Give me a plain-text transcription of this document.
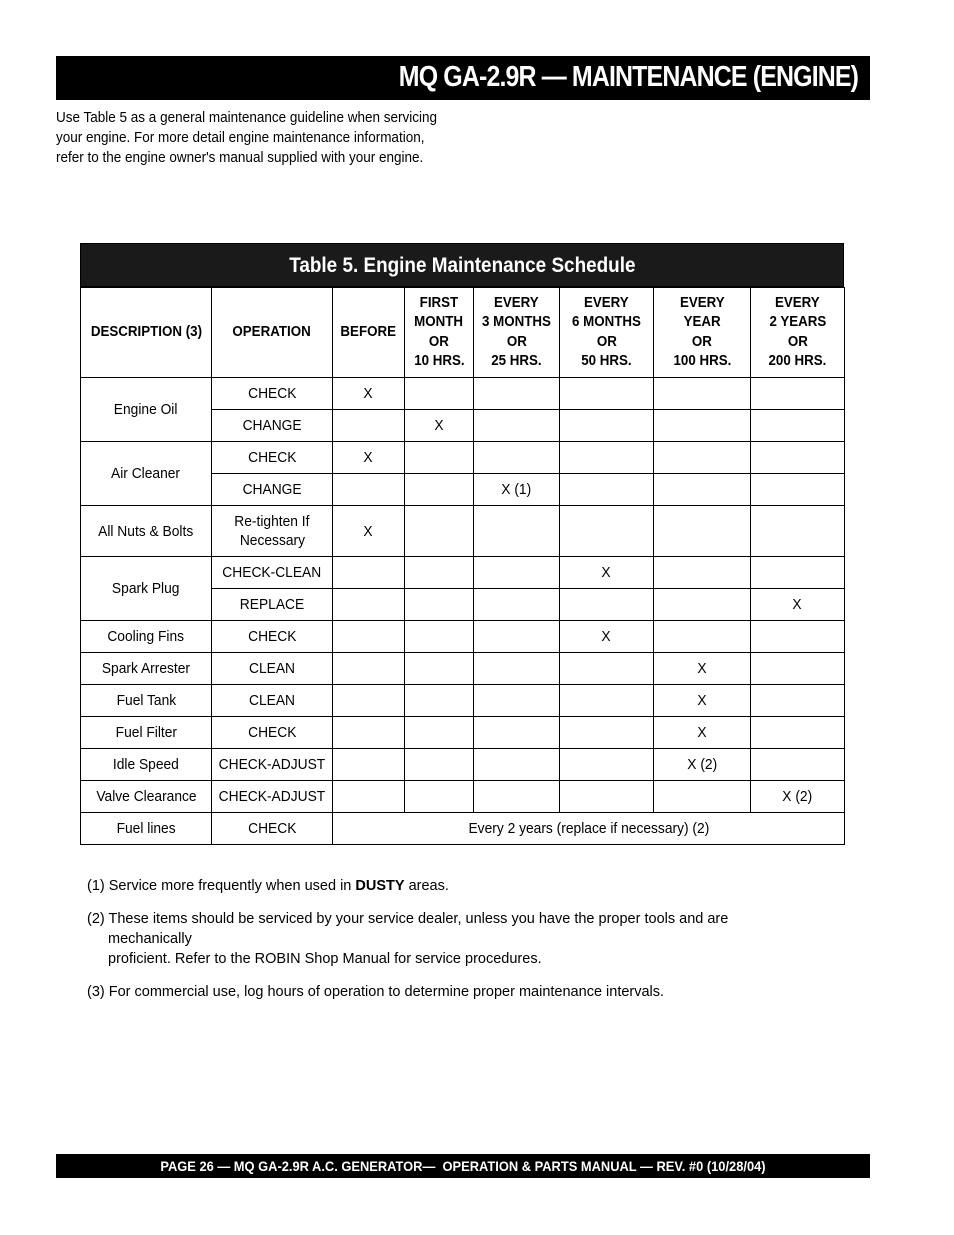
MQ GA-2.9R — MAINTENANCE (ENGINE)

Use Table 5 as a general maintenance guideline when servicing

your engine. For more detail engine maintenance information,

refer to the engine owner's manual supplied with your engine.

Table 5. Engine Maintenance Schedule
DESCRIPTION (3)	OPERATION	BEFORE	FIRST
MONTH
OR
10 HRS.	EVERY
3 MONTHS
OR
25 HRS.	EVERY
6 MONTHS
OR
50 HRS.	EVERY
YEAR
OR
100 HRS.	EVERY
2 YEARS
OR
200 HRS.
Engine Oil	CHECK	X					
	CHANGE		X				
Air Cleaner	CHECK	X					
	CHANGE			X (1)			
All Nuts & Bolts	Re-tighten If
Necessary	X					
Spark Plug	CHECK-CLEAN				X		
	REPLACE						X
Cooling Fins	CHECK				X		
Spark Arrester	CLEAN					X	
Fuel Tank	CLEAN					X	
Fuel Filter	CHECK					X	
Idle Speed	CHECK-ADJUST					X (2)	
Valve Clearance	CHECK-ADJUST						X (2)
Fuel lines	CHECK	Every 2 years (replace if necessary) (2)					

(1) Service more frequently when used in DUSTY areas.

(2) These items should be serviced by your service dealer, unless you have the proper tools and are mechanically
proficient. Refer to the ROBIN Shop Manual for service procedures.

(3) For commercial use, log hours of operation to determine proper maintenance intervals.

PAGE 26 — MQ GA-2.9R A.C. GENERATOR—  OPERATION & PARTS MANUAL — REV. #0 (10/28/04)
